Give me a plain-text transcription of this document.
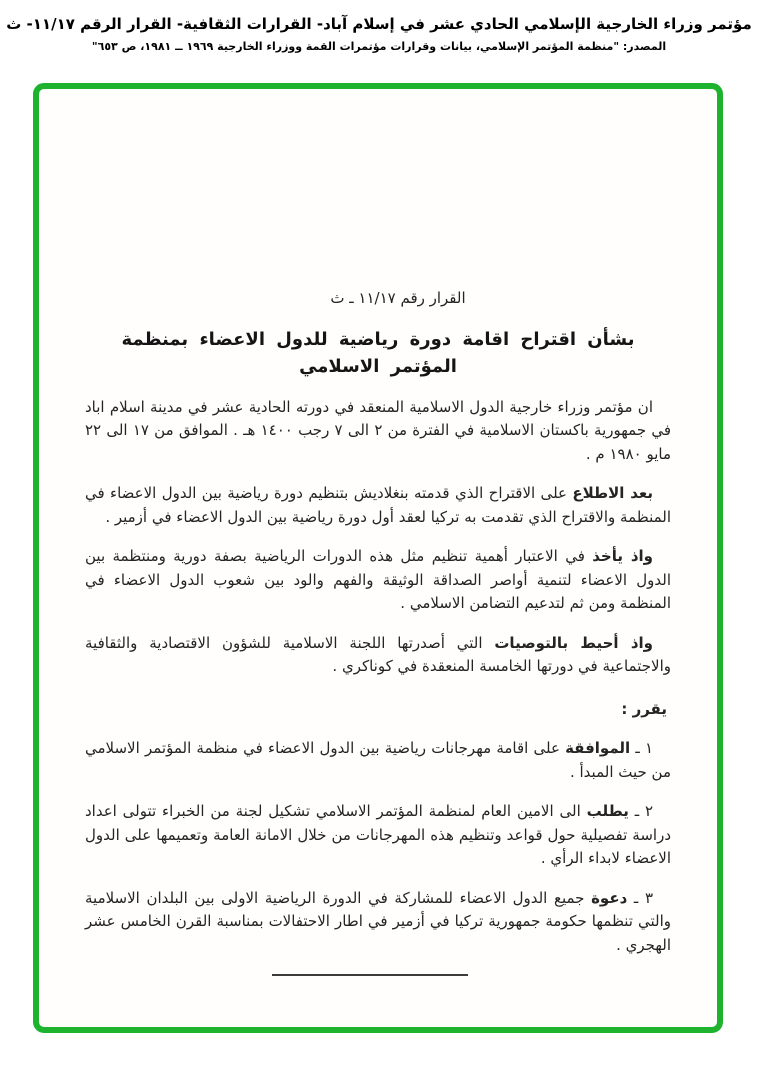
مؤتمر وزراء الخارجية الإسلامي الحادي عشر في إسلام آباد- القرارات الثقافية- القرار الرقم ١١/١٧- ث
المصدر: "منظمة المؤتمر الإسلامي، بيانات وقرارات مؤتمرات القمة ووزراء الخارجية ١٩٦٩ ــ ١٩٨١، ص ٦٥٣"
القرار رقم ١١/١٧ ـ ث
بشأن اقتراح اقامة دورة رياضية للدول الاعضاء بمنظمة المؤتمر الاسلامي

ان مؤتمر وزراء خارجية الدول الاسلامية المنعقد في دورته الحادية عشر في مدينة اسلام اباد في جمهورية باكستان الاسلامية في الفترة من ٢ الى ٧ رجب ١٤٠٠ هـ . الموافق من ١٧ الى ٢٢ مايو ١٩٨٠ م .

بعد الاطلاع على الاقتراح الذي قدمته بنغلاديش بتنظيم دورة رياضية بين الدول الاعضاء في المنظمة والاقتراح الذي تقدمت به تركيا لعقد أول دورة رياضية بين الدول الاعضاء في أزمير .

واذ يأخذ في الاعتبار أهمية تنظيم مثل هذه الدورات الرياضية بصفة دورية ومنتظمة بين الدول الاعضاء لتنمية أواصر الصداقة الوثيقة والفهم والود بين شعوب الدول الاعضاء في المنظمة ومن ثم لتدعيم التضامن الاسلامي .

واذ أحيط بالتوصيات التي أصدرتها اللجنة الاسلامية للشؤون الاقتصادية والثقافية والاجتماعية في دورتها الخامسة المنعقدة في كوناكري .

يقرر :

١ ـ الموافقة على اقامة مهرجانات رياضية بين الدول الاعضاء في منظمة المؤتمر الاسلامي من حيث المبدأ .

٢ ـ يطلب الى الامين العام لمنظمة المؤتمر الاسلامي تشكيل لجنة من الخبراء تتولى اعداد دراسة تفصيلية حول قواعد وتنظيم هذه المهرجانات من خلال الامانة العامة وتعميمها على الدول الاعضاء لابداء الرأي .

٣ ـ دعوة جميع الدول الاعضاء للمشاركة في الدورة الرياضية الاولى بين البلدان الاسلامية والتي تنظمها حكومة جمهورية تركيا في أزمير في اطار الاحتفالات بمناسبة القرن الخامس عشر الهجري .
